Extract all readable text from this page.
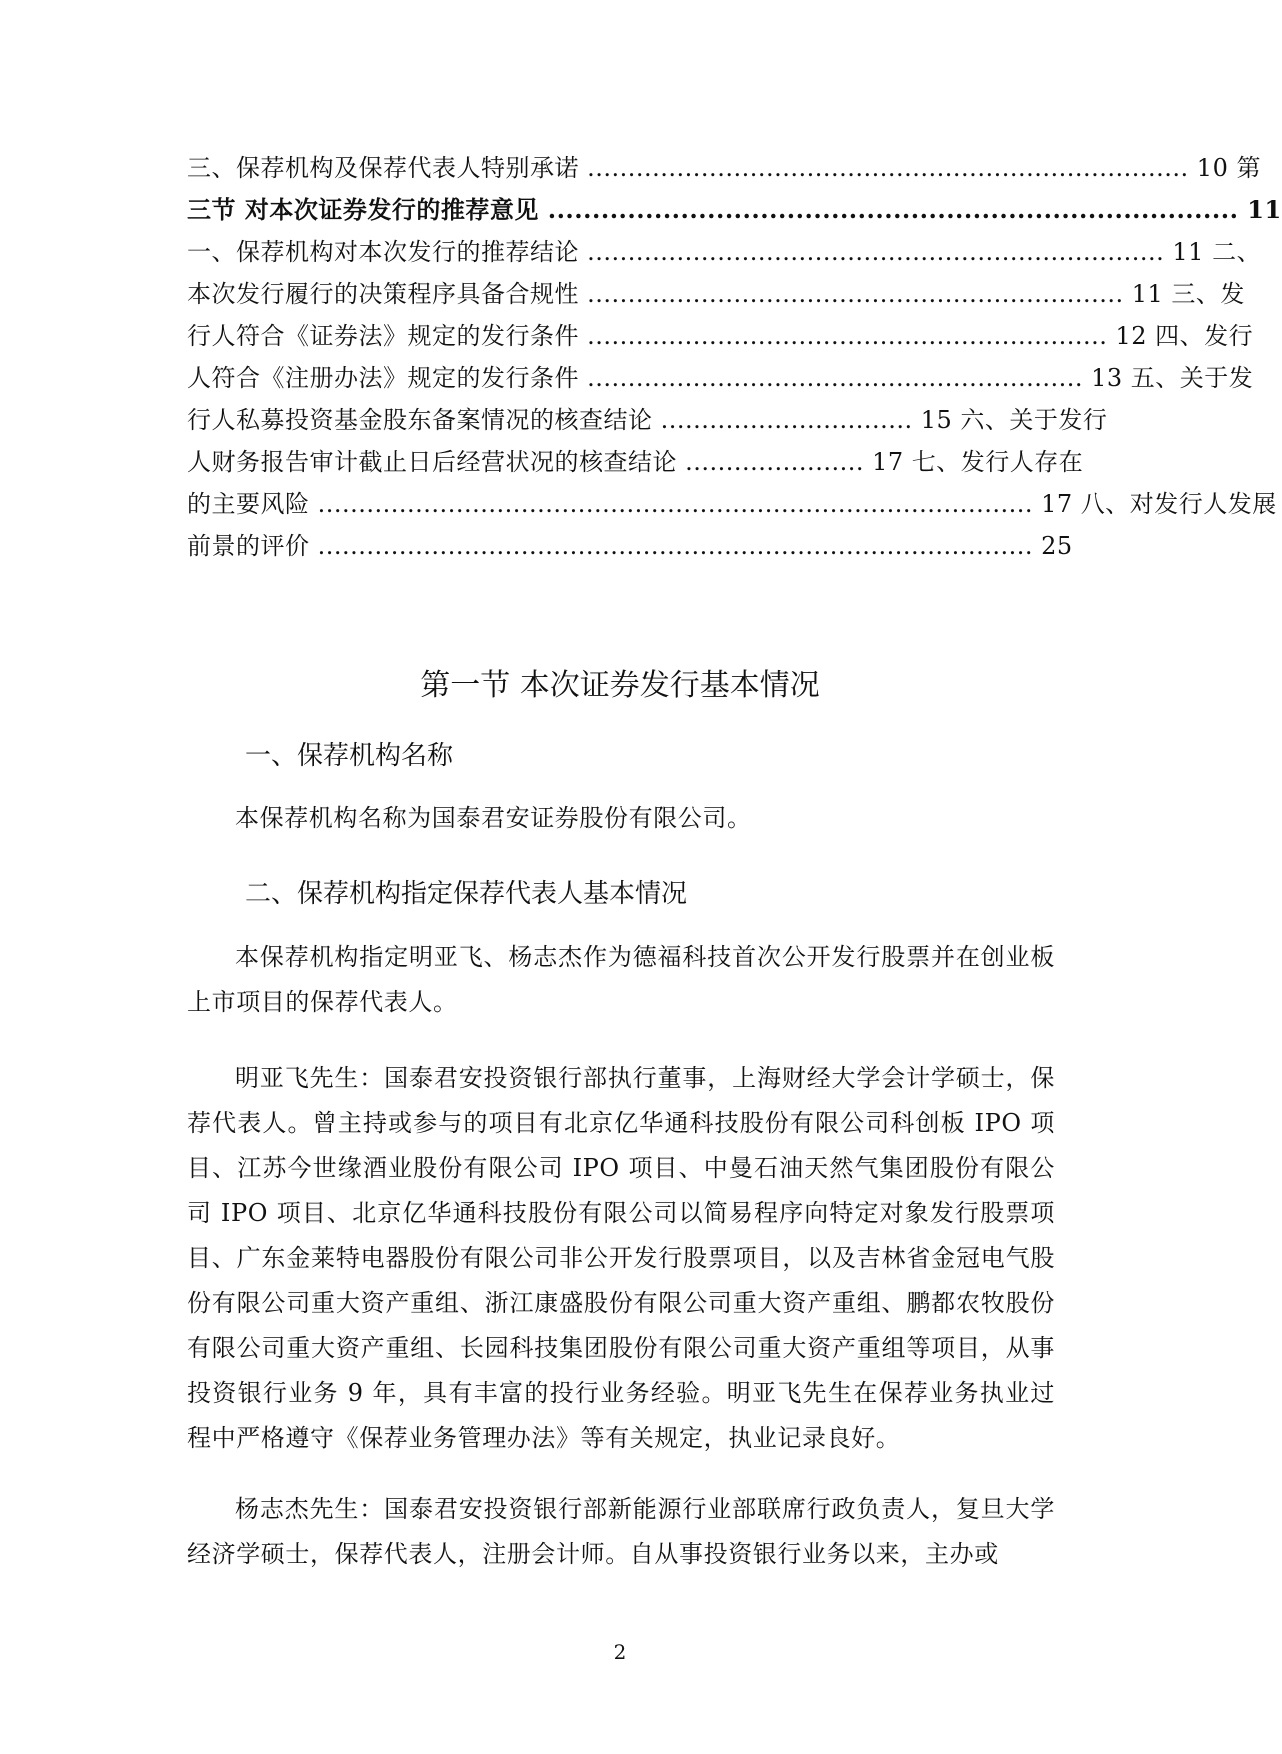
三、保荐机构及保荐代表人特别承诺 .......................................................................... 10 第
三节 对本次证券发行的推荐意见 .............................................................................. 11
一、保荐机构对本次发行的推荐结论 ....................................................................... 11 二、
本次发行履行的决策程序具备合规性 .................................................................. 11 三、发
行人符合《证券法》规定的发行条件 ................................................................ 12 四、发行
人符合《注册办法》规定的发行条件 ............................................................. 13 五、关于发
行人私募投资基金股东备案情况的核查结论 ............................... 15 六、关于发行
人财务报告审计截止日后经营状况的核查结论 ...................... 17 七、发行人存在
的主要风险 ........................................................................................ 17 八、对发行人发展
前景的评价 ........................................................................................ 25
第一节 本次证券发行基本情况
一、保荐机构名称
本保荐机构名称为国泰君安证券股份有限公司。
二、保荐机构指定保荐代表人基本情况
本保荐机构指定明亚飞、杨志杰作为德福科技首次公开发行股票并在创业板上市项目的保荐代表人。
明亚飞先生：国泰君安投资银行部执行董事，上海财经大学会计学硕士，保荐代表人。曾主持或参与的项目有北京亿华通科技股份有限公司科创板 IPO 项目、江苏今世缘酒业股份有限公司 IPO 项目、中曼石油天然气集团股份有限公司 IPO 项目、北京亿华通科技股份有限公司以简易程序向特定对象发行股票项目、广东金莱特电器股份有限公司非公开发行股票项目，以及吉林省金冠电气股份有限公司重大资产重组、浙江康盛股份有限公司重大资产重组、鹏都农牧股份有限公司重大资产重组、长园科技集团股份有限公司重大资产重组等项目，从事投资银行业务 9 年，具有丰富的投行业务经验。明亚飞先生在保荐业务执业过程中严格遵守《保荐业务管理办法》等有关规定，执业记录良好。
杨志杰先生：国泰君安投资银行部新能源行业部联席行政负责人，复旦大学经济学硕士，保荐代表人，注册会计师。自从事投资银行业务以来，主办或
2
